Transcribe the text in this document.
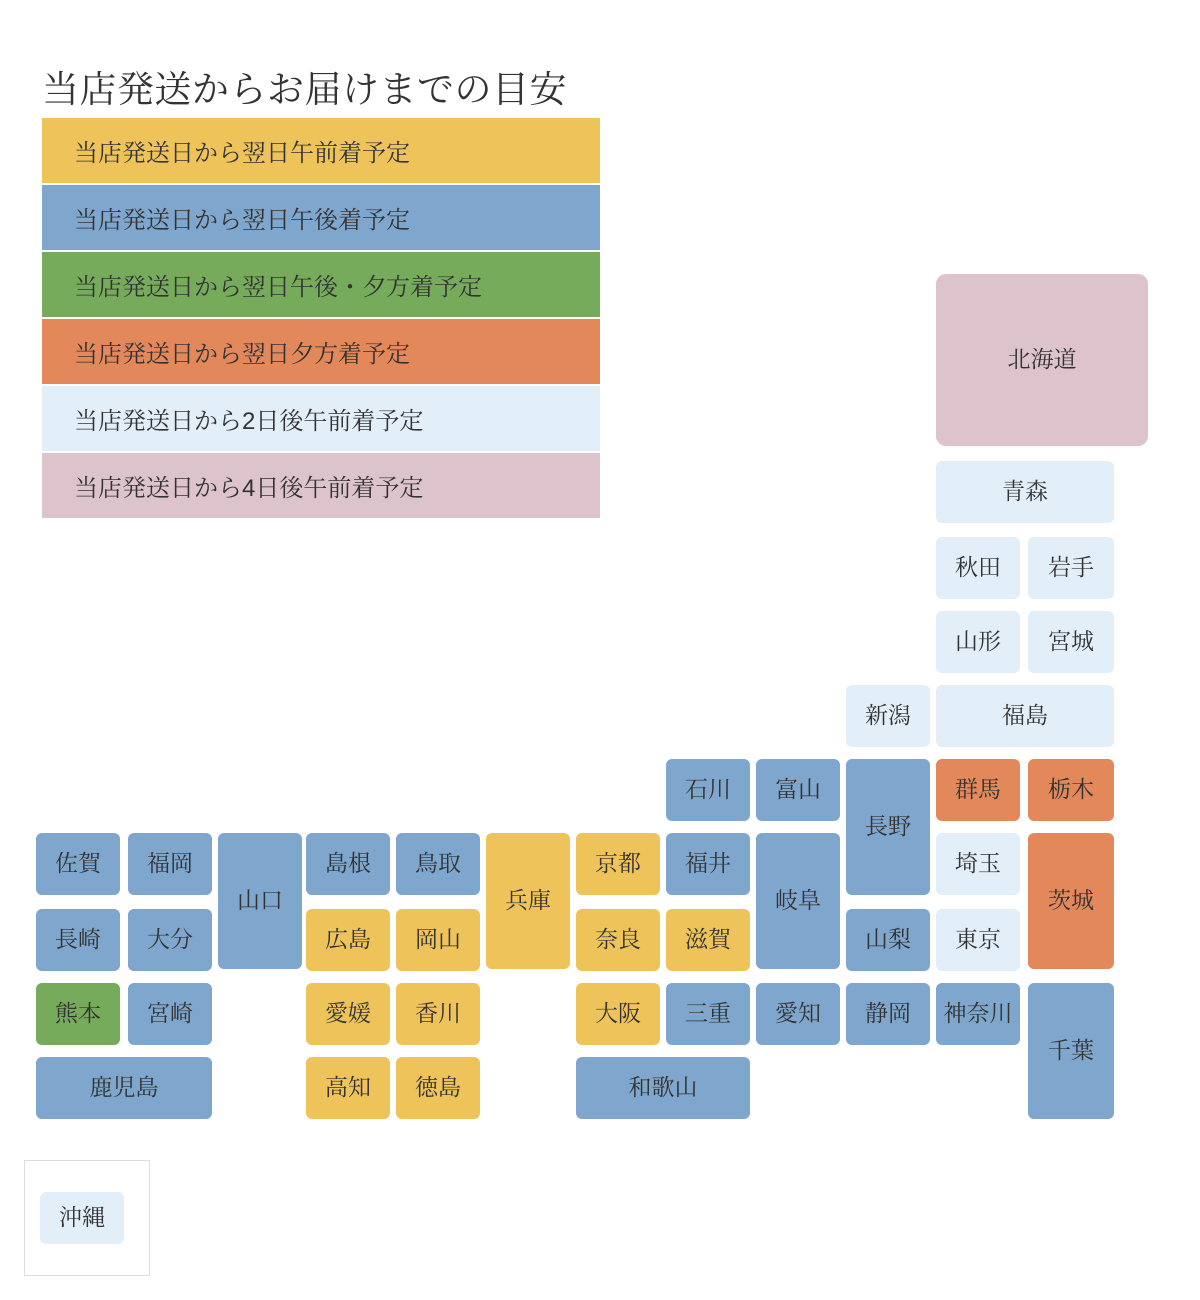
当店発送からお届けまでの目安
当店発送日から翌日午前着予定
当店発送日から翌日午後着予定
当店発送日から翌日午後・夕方着予定
当店発送日から翌日夕方着予定
当店発送日から2日後午前着予定
当店発送日から4日後午前着予定
北海道
青森
秋田	岩手
山形	宮城
新潟	福島
石川	富山
長野
群馬	栃木
佐賀	福岡
山口
島根	鳥取
兵庫
京都	福井
岐阜
埼玉
茨城
長崎	大分	広島	岡山	奈良	滋賀	山梨	東京
熊本	宮崎	愛媛	香川	大阪	三重	愛知	静岡	神奈川
千葉
鹿児島	高知	徳島	和歌山
沖縄
